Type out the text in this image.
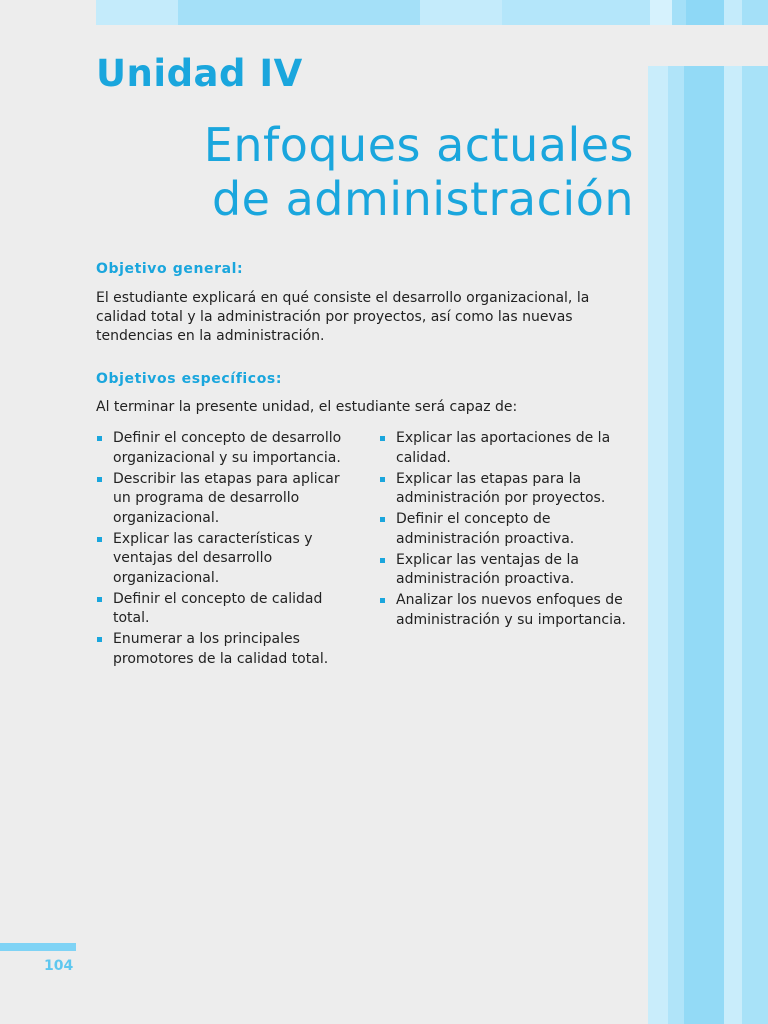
Unidad IV
Enfoques actuales
de administración
Objetivo general:

El estudiante explicará en qué consiste el desarrollo organizacional, la calidad total y la administración por proyectos, así como las nuevas tendencias en la administración.

Objetivos específicos:

Al terminar la presente unidad, el estudiante será capaz de:

Definir el concepto de desarrollo organizacional y su importancia.
Describir las etapas para aplicar un programa de desarrollo organizacional.
Explicar las características y ventajas del desarrollo organizacional.
Definir el concepto de calidad total.
Enumerar a los principales promotores de la calidad total.
Explicar las aportaciones de la calidad.
Explicar las etapas para la administración por proyectos.
Definir el concepto de administración proactiva.
Explicar las ventajas de la administración proactiva.
Analizar los nuevos enfoques de administración y su importancia.
104
